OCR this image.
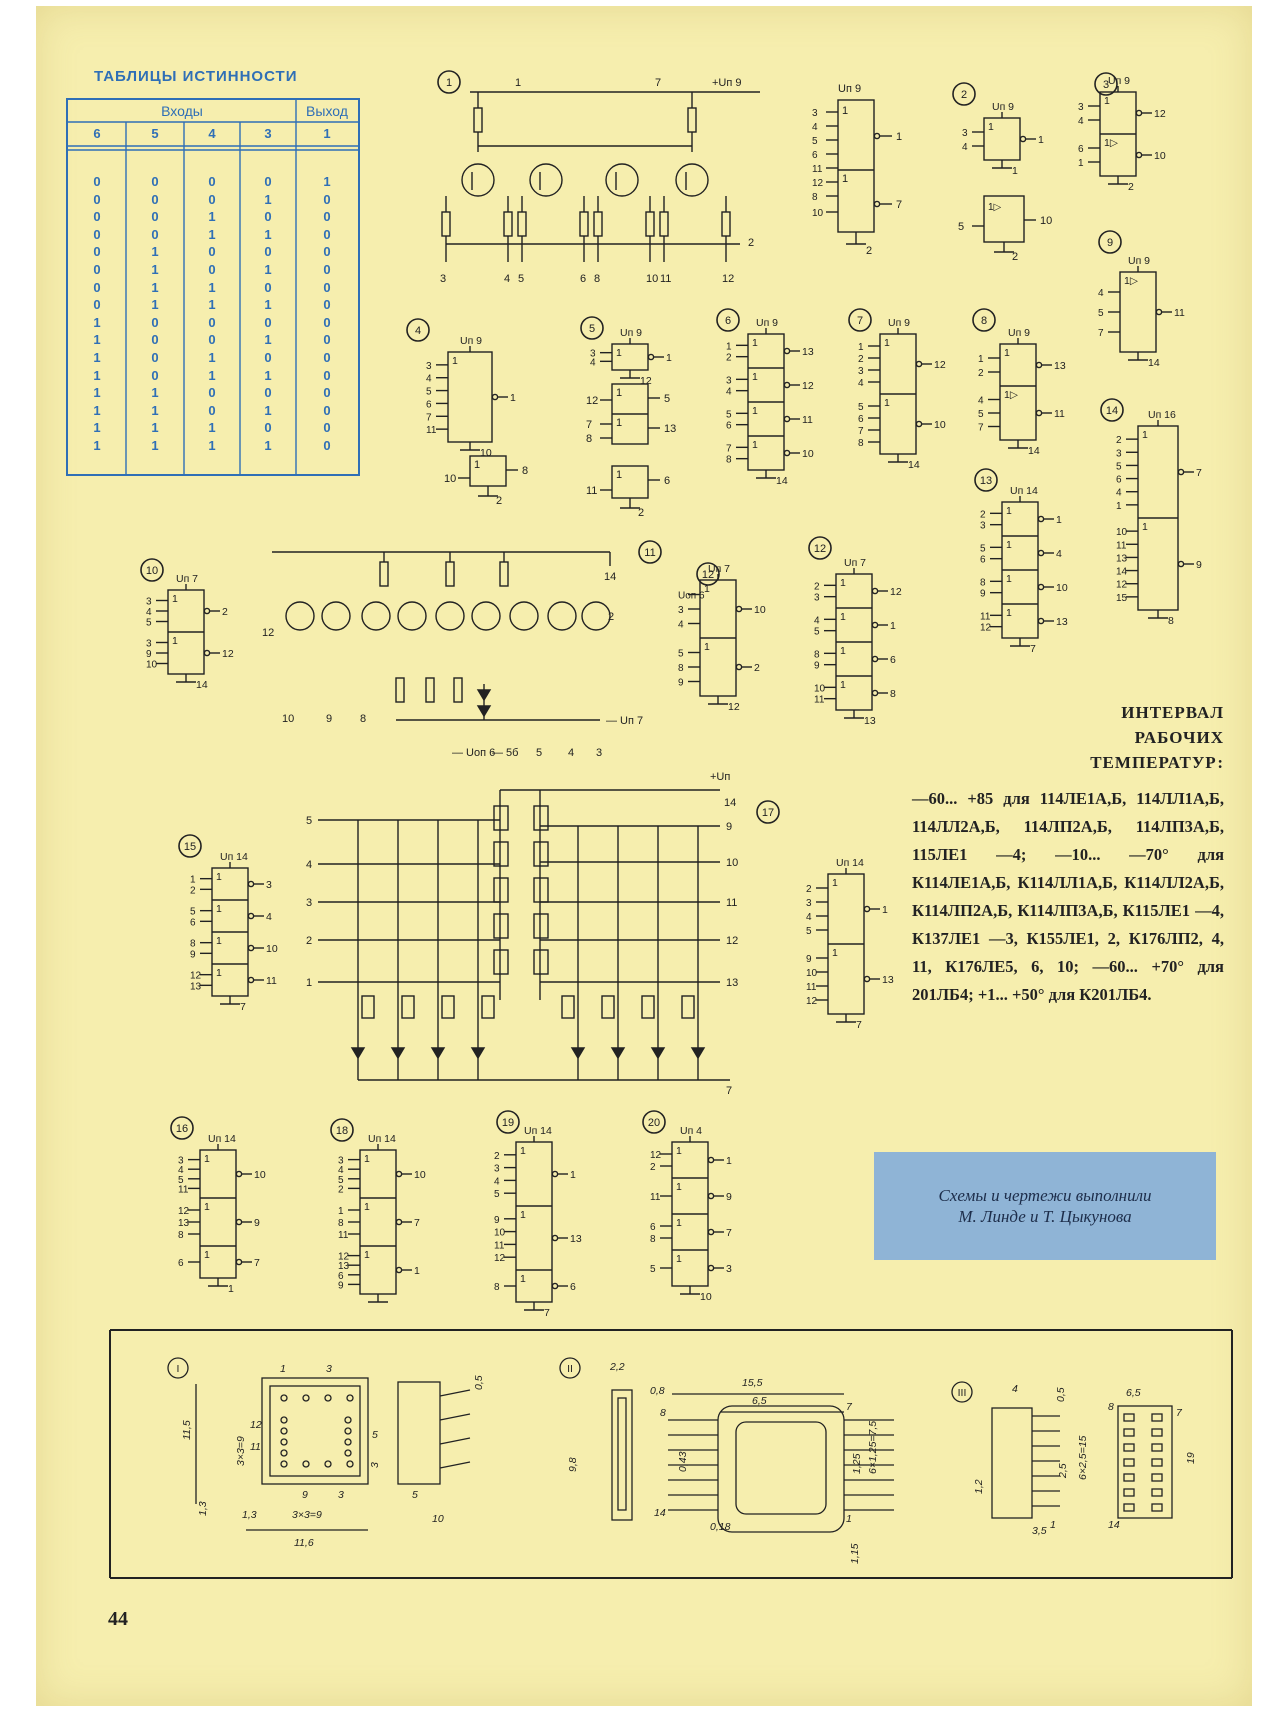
ТАБЛИЦЫ ИСТИННОСТИ
Входы	Выход
6	5	4	3	1
0	0	0	0	1
0	0	0	1	0
0	0	1	0	0
0	0	1	1	0
0	1	0	0	0
0	1	0	1	0
0	1	1	0	0
0	1	1	1	0
1	0	0	0	0
1	0	0	1	0
1	0	1	0	0
1	0	1	1	0
1	1	0	0	0
1	1	0	1	0
1	1	1	0	0
1	1	1	1	0
1	1	7	+Uп 9
2
3	4 5	6 8	10 11	12
Uп 9
1
1
3
4
5
6
11
12
8
10
1
7
2
2
Uп 9
1
3
4
1
1
1▷
5	10
2
3
Uп 9
1
3
4
1▷
6
1
12
10
2
4
Uп 9
1
3
4
5
6
7
11
1
10
1
10
8
2
5 Uп 9
1
3
4	1
12
1
1
12
7
8
5
13
1
11
6
2
6 Uп 9
1
1
2
1
3
4
1
5
6
1
7
8
13
12
11
10
14
7 Uп 9
1
1
2
3
4
1
5
6
7
8
12
10
14
8
Uп 9
1
1
2
1▷
4
5
7
13
11
14
9
Uп 9
1▷
4
5
7
11
14
10
Uп 7
1
3
4
5
1
3
9
10
2
12
14
11
14
12
2
— Uп 7
10	9	8
— Uоп 6
— 5б 5 4 3
12
Uп 7
1
Uоп 6
3
4
1
5
8
9
10
2
12
12
Uп 7
1
2
3
1
4
5
1
8
9
1
10
11
12
1
6
8
13
13
Uп 14
1
2
3
1
5
6
1
8
9
1
11
12
1
4
10
13
7
14	Uп 16
1
2
3
5
6
4
1
1
10
11
13
14
12
15
7
9
8
15
Uп 14
1
1
2
1
5
6
1
8
9
1
12
13
3
4
10
11
7
17
+Uп
14
5
4
3
2
1
9
10
11
12
13
7
Uп 14
1
2
3
4
5
1
9
10
11
12
1
13
7
16
Uп 14
1
3
4
5
11
1
12
13
8
1
6
10
9
7
1
18
Uп 14
1
3
4
5
2
1
1
8
11
1
12
13
6
9
10
7
1
19
Uп 14
1
2
3
4
5
1
9
10
11
12
1
8
1
13
6
7
20
Uп 4
1
12
2
1
11
1
6
8
1
5
1
9
7
3
10
ИНТЕРВАЛ
РАБОЧИХ
ТЕМПЕРАТУР:
—60... +85 для 114ЛЕ1А,Б, 114ЛЛ1А,Б, 114ЛЛ2А,Б, 114ЛП2А,Б, 114ЛП3А,Б, 115ЛЕ1 —4; —10... —70° для К114ЛЕ1А,Б, К114ЛЛ1А,Б, К114ЛЛ2А,Б, К114ЛП2А,Б, К114ЛП3А,Б, К115ЛЕ1 —4, К137ЛЕ1 —3, К155ЛЕ1, 2, К176ЛП2, 4, 11, К176ЛЕ5, 6, 10; —60... +70° для 201ЛБ4; +1... +50° для К201ЛБ4.
Схемы и чертежи выполнили
М. Линде и Т. Цыкунова
I	1	3
0,5
11,5	12
11
3×3=9
5
3
1,3
9	3
1,3	3×3=9
11,6
5
10
II	2,2
0,8
15,5
6,5
8	7
9,8	0,43	1,25 6×1,25=7,5
14
0,18
1
1,15
III	4	0,5	6,5
8	7
2,5 6×2,5=15	19
1,2
1
3,5	14
44
